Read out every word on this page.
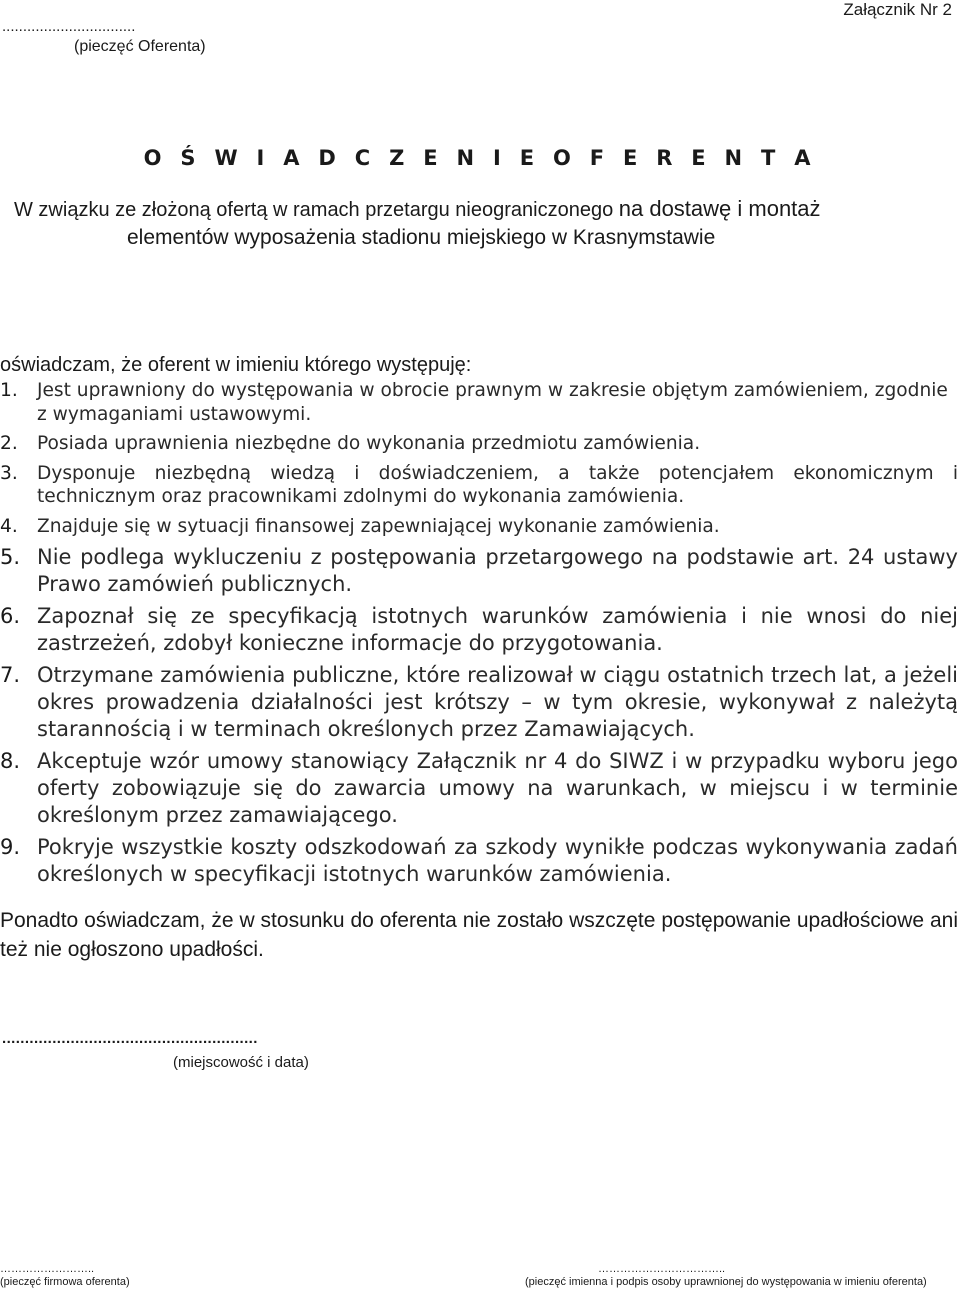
Załącznik Nr 2
................................
(pieczęć Oferenta)
O Ś W I A D C Z E N I E O F E R E N T A
W związku ze złożoną ofertą w ramach przetargu nieograniczonego na dostawę i montaż
elementów wyposażenia stadionu miejskiego w Krasnymstawie
oświadczam, że oferent w imieniu którego występuję:
1. Jest uprawniony do występowania w obrocie prawnym w zakresie objętym zamówieniem, zgodnie z wymaganiami ustawowymi.
2. Posiada uprawnienia niezbędne do wykonania przedmiotu zamówienia.
3. Dysponuje niezbędną wiedzą i doświadczeniem, a także potencjałem ekonomicznym i technicznym oraz pracownikami zdolnymi do wykonania zamówienia.
4. Znajduje się w sytuacji finansowej zapewniającej wykonanie zamówienia.
5. Nie podlega wykluczeniu z postępowania przetargowego na podstawie art. 24 ustawy Prawo zamówień publicznych.
6. Zapoznał się ze specyfikacją istotnych warunków zamówienia i nie wnosi do niej zastrzeżeń, zdobył konieczne informacje do przygotowania.
7. Otrzymane zamówienia publiczne, które realizował w ciągu ostatnich trzech lat, a jeżeli okres prowadzenia działalności jest krótszy – w tym okresie, wykonywał z należytą starannością i w terminach określonych przez Zamawiających.
8. Akceptuje wzór umowy stanowiący Załącznik nr 4 do SIWZ i w przypadku wyboru jego oferty zobowiązuje się do zawarcia umowy na warunkach, w miejscu i w terminie określonym przez zamawiającego.
9. Pokryje wszystkie koszty odszkodowań za szkody wynikłe podczas wykonywania zadań określonych w specyfikacji istotnych warunków zamówienia.
Ponadto oświadczam, że w stosunku do oferenta nie zostało wszczęte postępowanie upadłościowe ani też nie ogłoszono upadłości.
........................................................
(miejscowość i data)
……………………..
(pieczęć firmowa oferenta)
……………………………..
(pieczęć imienna i podpis osoby uprawnionej do występowania w imieniu oferenta)
